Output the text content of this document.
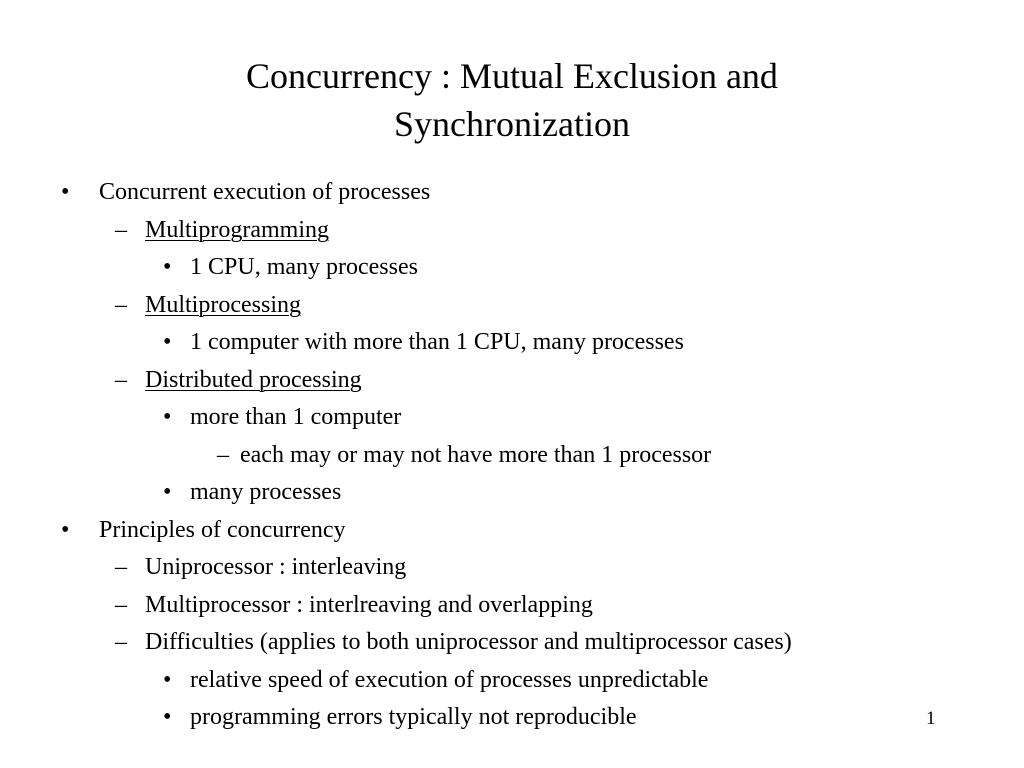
Concurrency : Mutual Exclusion and
Synchronization
• Concurrent execution of processes
– Multiprogramming
• 1 CPU, many processes
– Multiprocessing
• 1 computer with more than 1 CPU, many processes
– Distributed processing
• more than 1 computer
– each may or may not have more than 1 processor
• many processes
• Principles of concurrency
– Uniprocessor : interleaving
– Multiprocessor : interlreaving and overlapping
– Difficulties (applies to both uniprocessor and multiprocessor cases)
• relative speed of execution of processes unpredictable
• programming errors typically not reproducible	1
